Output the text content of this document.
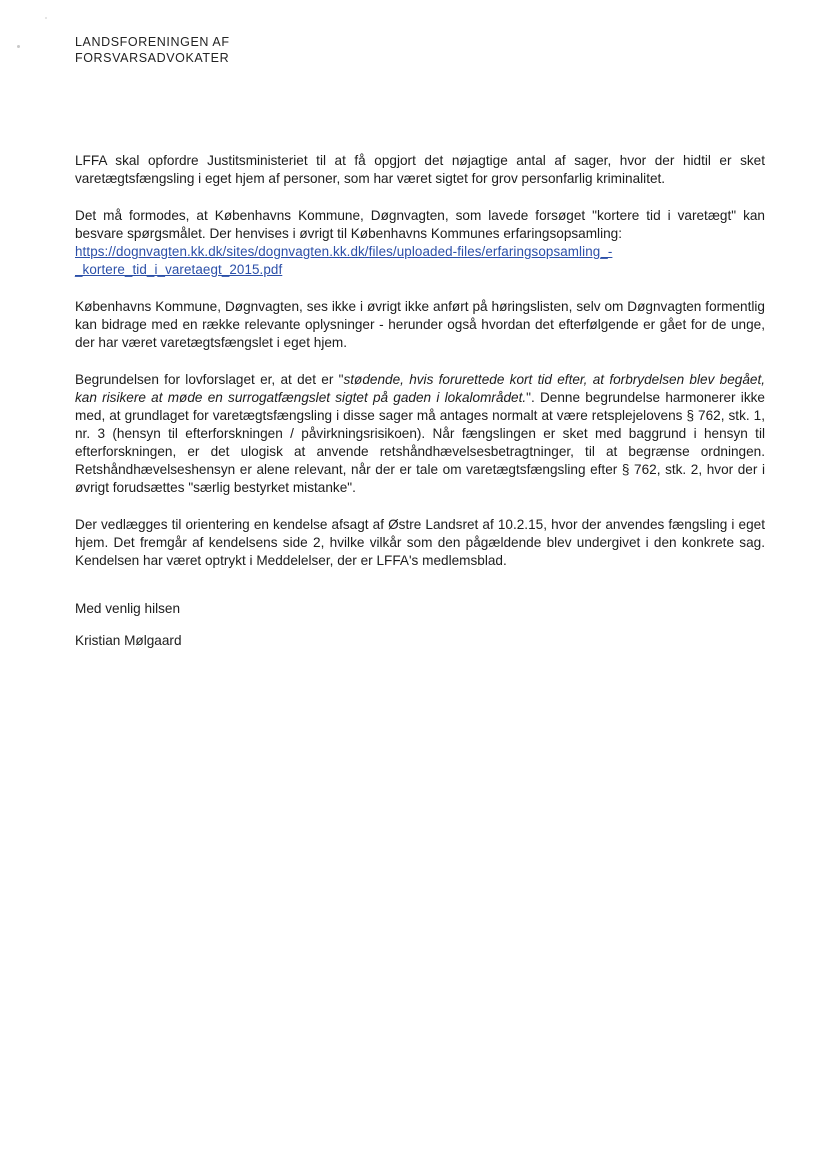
LANDSFORENINGEN AF
FORSVARSADVOKATER

LFFA skal opfordre Justitsministeriet til at få opgjort det nøjagtige antal af sager, hvor der hidtil er sket varetægtsfængsling i eget hjem af personer, som har været sigtet for grov personfarlig kriminalitet.

Det må formodes, at Københavns Kommune, Døgnvagten, som lavede forsøget "kortere tid i varetægt" kan besvare spørgsmålet. Der henvises i øvrigt til Københavns Kommunes erfaringsopsamling:

https://dognvagten.kk.dk/sites/dognvagten.kk.dk/files/uploaded-files/erfaringsopsamling_-
_kortere_tid_i_varetaegt_2015.pdf

Københavns Kommune, Døgnvagten, ses ikke i øvrigt ikke anført på høringslisten, selv om Døgnvagten formentlig kan bidrage med en række relevante oplysninger - herunder også hvordan det efterfølgende er gået for de unge, der har været varetægtsfængslet i eget hjem.

Begrundelsen for lovforslaget er, at det er "stødende, hvis forurettede kort tid efter, at forbrydelsen blev begået, kan risikere at møde en surrogatfængslet sigtet på gaden i lokalområdet.". Denne begrundelse harmonerer ikke med, at grundlaget for varetægtsfængsling i disse sager må antages normalt at være retsplejelovens § 762, stk. 1, nr. 3 (hensyn til efterforskningen / påvirkningsrisikoen). Når fængslingen er sket med baggrund i hensyn til efterforskningen, er det ulogisk at anvende retshåndhævelsesbetragtninger, til at begrænse ordningen. Retshåndhævelseshensyn er alene relevant, når der er tale om varetægtsfængsling efter § 762, stk. 2, hvor der i øvrigt forudsættes "særlig bestyrket mistanke".

Der vedlægges til orientering en kendelse afsagt af Østre Landsret af 10.2.15, hvor der anvendes fængsling i eget hjem. Det fremgår af kendelsens side 2, hvilke vilkår som den pågældende blev undergivet i den konkrete sag. Kendelsen har været optrykt i Meddelelser, der er LFFA's medlemsblad.

Med venlig hilsen
Kristian Mølgaard
